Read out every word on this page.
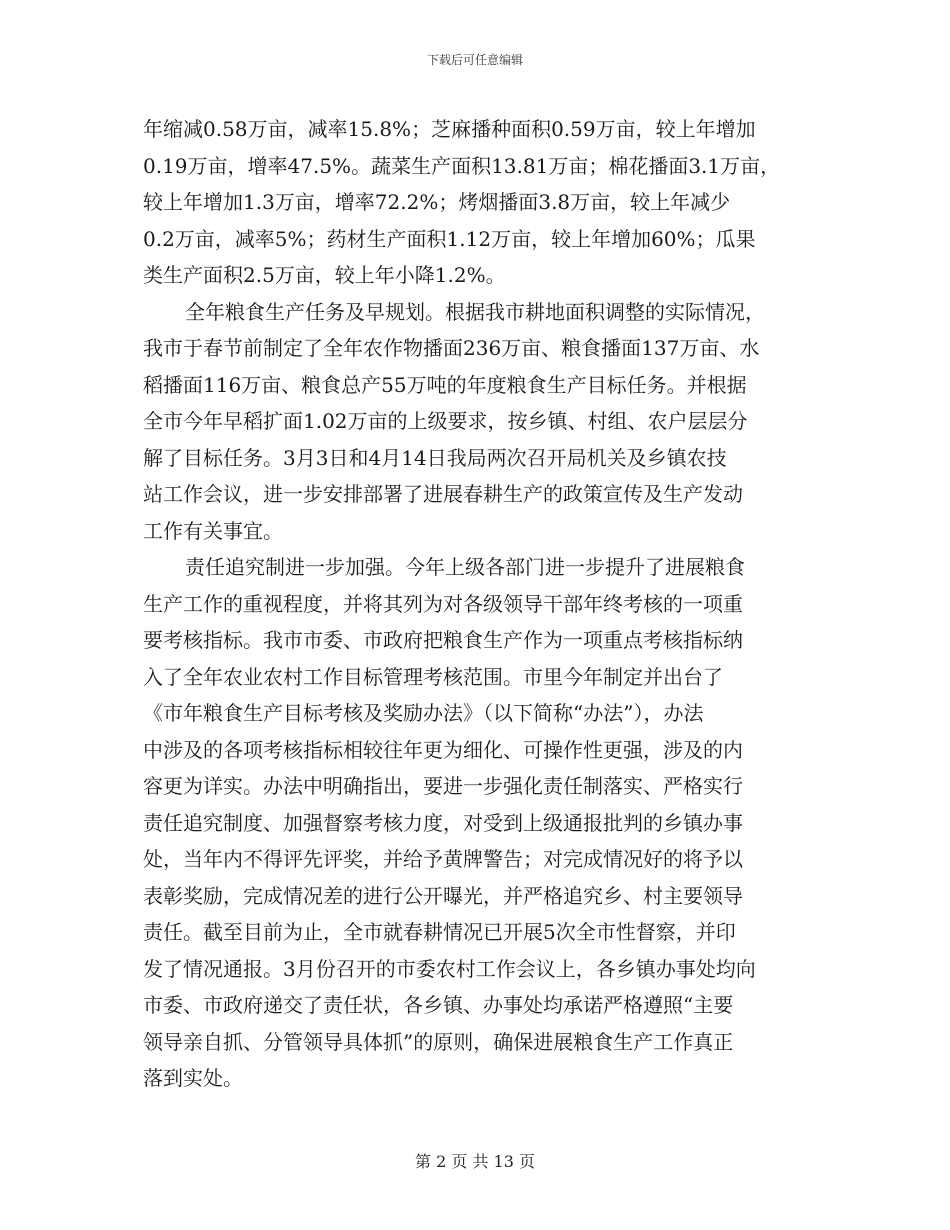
下载后可任意编辑
年缩减0.58万亩，减率15.8%；芝麻播种面积0.59万亩，较上年增加
0.19万亩，增率47.5%。蔬菜生产面积13.81万亩；棉花播面3.1万亩，
较上年增加1.3万亩，增率72.2%；烤烟播面3.8万亩，较上年减少
0.2万亩，减率5%；药材生产面积1.12万亩，较上年增加60%；瓜果
类生产面积2.5万亩，较上年小降1.2%。
全年粮食生产任务及早规划。根据我市耕地面积调整的实际情况，
我市于春节前制定了全年农作物播面236万亩、粮食播面137万亩、水
稻播面116万亩、粮食总产55万吨的年度粮食生产目标任务。并根据
全市今年早稻扩面1.02万亩的上级要求，按乡镇、村组、农户层层分
解了目标任务。3月3日和4月14日我局两次召开局机关及乡镇农技
站工作会议，进一步安排部署了进展春耕生产的政策宣传及生产发动
工作有关事宜。
责任追究制进一步加强。今年上级各部门进一步提升了进展粮食
生产工作的重视程度，并将其列为对各级领导干部年终考核的一项重
要考核指标。我市市委、市政府把粮食生产作为一项重点考核指标纳
入了全年农业农村工作目标管理考核范围。市里今年制定并出台了
《市年粮食生产目标考核及奖励办法》（以下简称“办法”），办法
中涉及的各项考核指标相较往年更为细化、可操作性更强，涉及的内
容更为详实。办法中明确指出，要进一步强化责任制落实、严格实行
责任追究制度、加强督察考核力度，对受到上级通报批判的乡镇办事
处，当年内不得评先评奖，并给予黄牌警告；对完成情况好的将予以
表彰奖励，完成情况差的进行公开曝光，并严格追究乡、村主要领导
责任。截至目前为止，全市就春耕情况已开展5次全市性督察，并印
发了情况通报。3月份召开的市委农村工作会议上，各乡镇办事处均向
市委、市政府递交了责任状，各乡镇、办事处均承诺严格遵照“主要
领导亲自抓、分管领导具体抓”的原则，确保进展粮食生产工作真正
落到实处。
第 2 页 共 13 页
